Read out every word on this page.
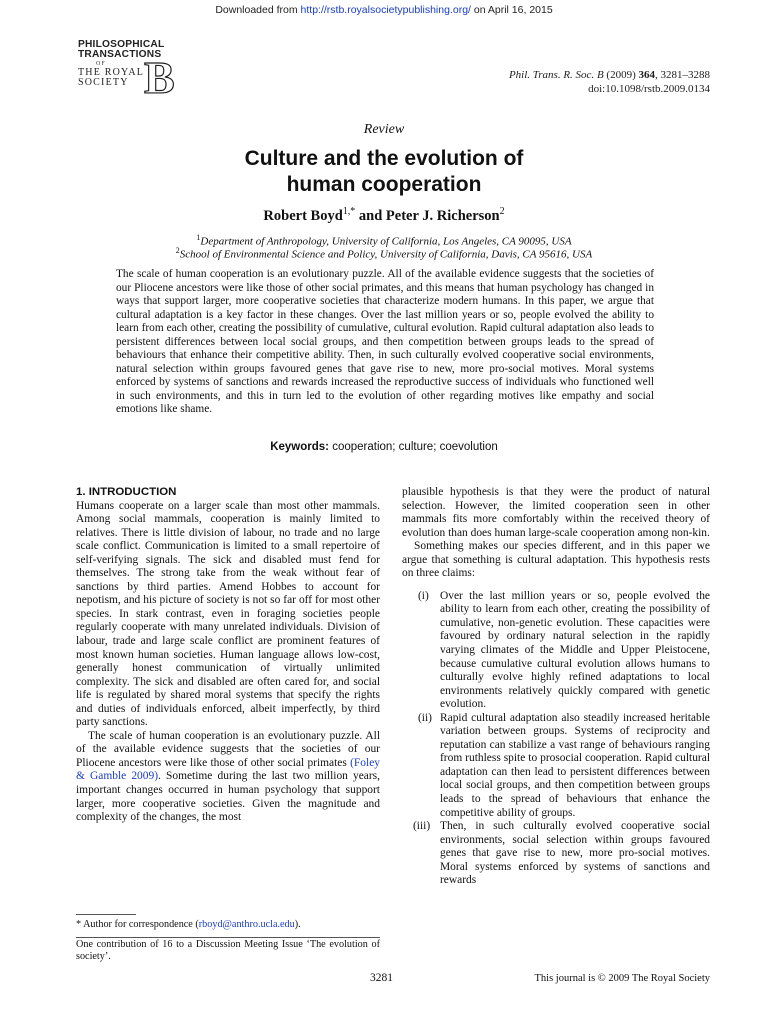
Downloaded from http://rstb.royalsocietypublishing.org/ on April 16, 2015
PHILOSOPHICAL
TRANSACTIONS
OF
THE ROYAL
SOCIETY B	Phil. Trans. R. Soc. B (2009) 364, 3281–3288
doi:10.1098/rstb.2009.0134
Review
Culture and the evolution of
human cooperation
Robert Boyd$^{1,*}$ and Peter J. Richerson$^2$
$^1$Department of Anthropology, University of California, Los Angeles, CA 90095, USA
$^2$School of Environmental Science and Policy, University of California, Davis, CA 95616, USA
The scale of human cooperation is an evolutionary puzzle. All of the available evidence suggests that the societies of our Pliocene ancestors were like those of other social primates, and this means that human psychology has changed in ways that support larger, more cooperative societies that characterize modern humans. In this paper, we argue that cultural adaptation is a key factor in these changes. Over the last million years or so, people evolved the ability to learn from each other, creating the possibility of cumulative, cultural evolution. Rapid cultural adaptation also leads to persistent differences between local social groups, and then competition between groups leads to the spread of behaviours that enhance their competitive ability. Then, in such culturally evolved cooperative social environments, natural selection within groups favoured genes that gave rise to new, more pro-social motives. Moral systems enforced by systems of sanctions and rewards increased the reproductive success of individuals who functioned well in such environments, and this in turn led to the evolution of other regarding motives like empathy and social emotions like shame.
Keywords: cooperation; culture; coevolution

1. INTRODUCTION

Humans cooperate on a larger scale than most other mammals. Among social mammals, cooperation is mainly limited to relatives. There is little division of labour, no trade and no large scale conflict. Communication is limited to a small repertoire of self-verifying signals. The sick and disabled must fend for themselves. The strong take from the weak without fear of sanctions by third parties. Amend Hobbes to account for nepotism, and his picture of society is not so far off for most other species. In stark contrast, even in foraging societies people regularly cooperate with many unrelated individuals. Division of labour, trade and large scale conflict are prominent features of most known human societies. Human language allows low-cost, generally honest communication of virtually unlimited complexity. The sick and disabled are often cared for, and social life is regulated by shared moral systems that specify the rights and duties of individuals enforced, albeit imperfectly, by third party sanctions.

The scale of human cooperation is an evolutionary puzzle. All of the available evidence suggests that the societies of our Pliocene ancestors were like those of other social primates (Foley & Gamble 2009). Sometime during the last two million years, important changes occurred in human psychology that support larger, more cooperative societies. Given the magnitude and complexity of the changes, the most

plausible hypothesis is that they were the product of natural selection. However, the limited cooperation seen in other mammals fits more comfortably within the received theory of evolution than does human large-scale cooperation among non-kin.

Something makes our species different, and in this paper we argue that something is cultural adaptation. This hypothesis rests on three claims:

(i) Over the last million years or so, people evolved the ability to learn from each other, creating the possibility of cumulative, non-genetic evolution. These capacities were favoured by ordinary natural selection in the rapidly varying climates of the Middle and Upper Pleistocene, because cumulative cultural evolution allows humans to culturally evolve highly refined adaptations to local environments relatively quickly compared with genetic evolution.
(ii) Rapid cultural adaptation also steadily increased heritable variation between groups. Systems of reciprocity and reputation can stabilize a vast range of behaviours ranging from ruthless spite to prosocial cooperation. Rapid cultural adaptation can then lead to persistent differences between local social groups, and then competition between groups leads to the spread of behaviours that enhance the competitive ability of groups.
(iii) Then, in such culturally evolved cooperative social environments, social selection within groups favoured genes that gave rise to new, more pro-social motives. Moral systems enforced by systems of sanctions and rewards
* Author for correspondence (rboyd@anthro.ucla.edu).
One contribution of 16 to a Discussion Meeting Issue ‘The evolution of society’.
3281	This journal is © 2009 The Royal Society
